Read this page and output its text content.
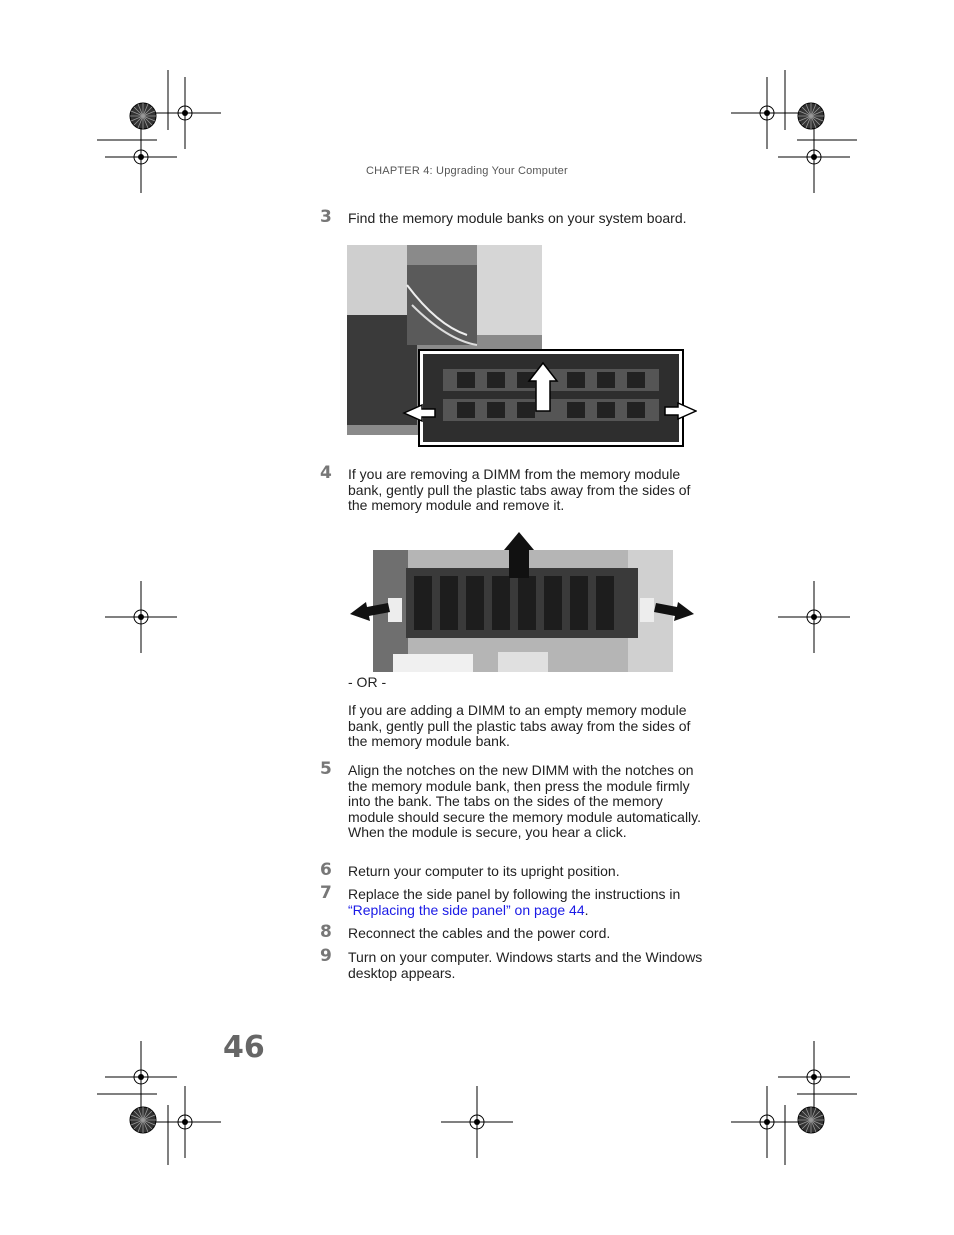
CHAPTER 4: Upgrading Your Computer
3 Find the memory module banks on your system board.
4 If you are removing a DIMM from the memory module bank, gently pull the plastic tabs away from the sides of the memory module and remove it.
- OR -
If you are adding a DIMM to an empty memory module bank, gently pull the plastic tabs away from the sides of the memory module bank.
5 Align the notches on the new DIMM with the notches on the memory module bank, then press the module firmly into the bank. The tabs on the sides of the memory module should secure the memory module automatically. When the module is secure, you hear a click.
6 Return your computer to its upright position.
7 Replace the side panel by following the instructions in “Replacing the side panel” on page 44.
8 Reconnect the cables and the power cord.
9 Turn on your computer. Windows starts and the Windows desktop appears.
46
